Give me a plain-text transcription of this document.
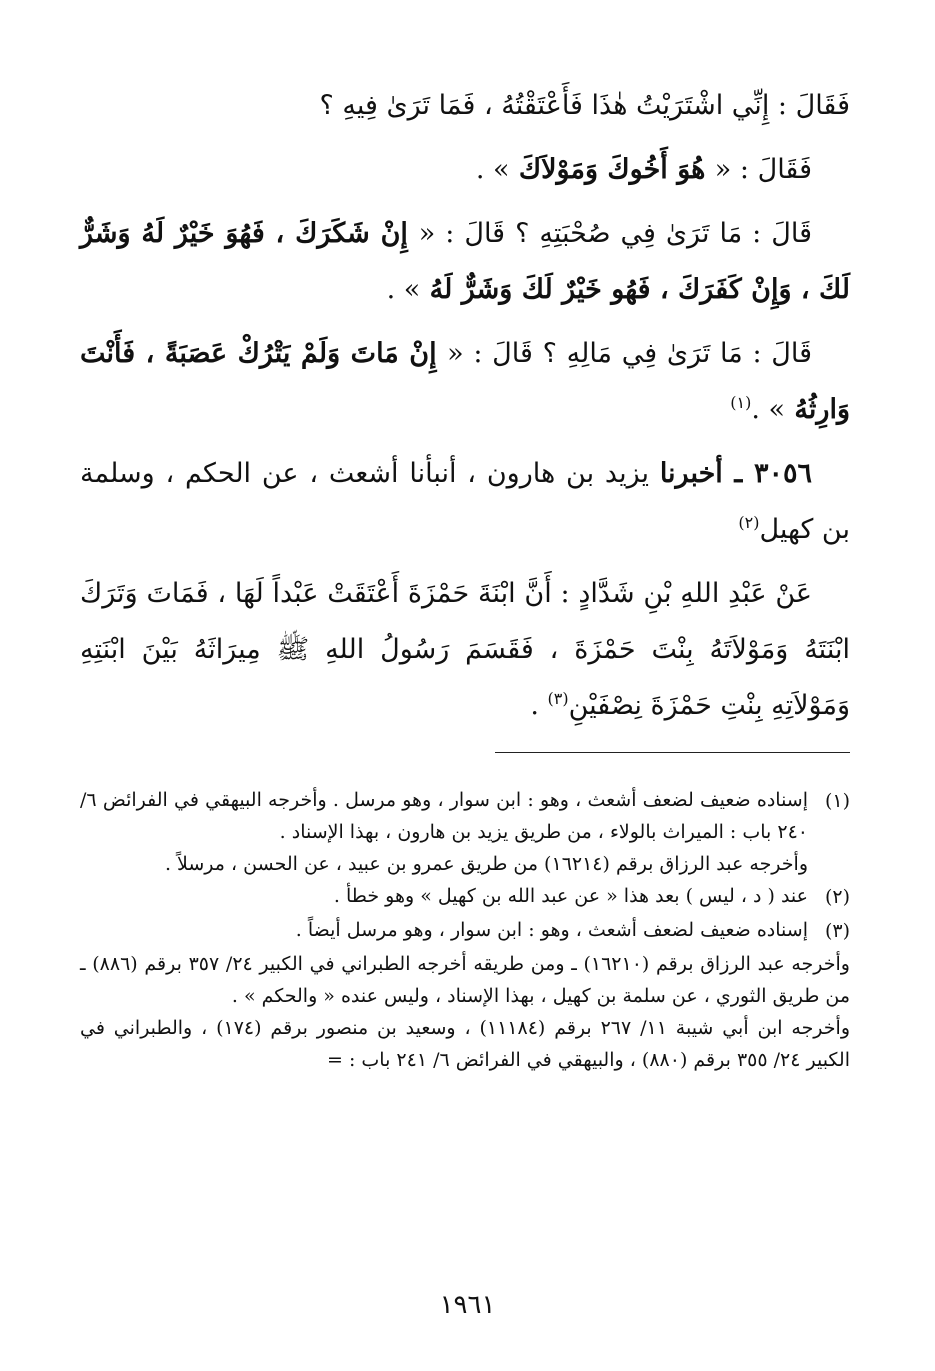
فَقَالَ : إِنِّي اشْتَرَيْتُ هٰذَا فَأَعْتَقْتُهُ ، فَمَا تَرَىٰ فِيهِ ؟

فَقَالَ : « هُوَ أَخُوكَ وَمَوْلاَكَ » .

قَالَ : مَا تَرَىٰ فِي صُحْبَتِهِ ؟ قَالَ : « إِنْ شَكَرَكَ ، فَهُوَ خَيْرٌ لَهُ وَشَرٌّ لَكَ ، وَإِنْ كَفَرَكَ ، فَهُو خَيْرٌ لَكَ وَشَرٌّ لَهُ » .

قَالَ : مَا تَرَىٰ فِي مَالِهِ ؟ قَالَ : « إِنْ مَاتَ وَلَمْ يَتْرُكْ عَصَبَةً ، فَأَنْتَ وَارِثُهُ » .$^{(١)}$

٣٠٥٦ ـ أخبرنا يزيد بن هارون ، أنبأنا أشعث ، عن الحكم ، وسلمة بن كهيل$^{(٢)}$

عَنْ عَبْدِ اللهِ بْنِ شَدَّادٍ : أَنَّ ابْنَةَ حَمْزَةَ أَعْتَقَتْ عَبْداً لَهَا ، فَمَاتَ وَتَرَكَ ابْنَتَهُ وَمَوْلاَتَهُ بِنْتَ حَمْزَةَ ، فَقَسَمَ رَسُولُ اللهِ ﷺ مِيرَاثَهُ بَيْنَ ابْنَتِهِ وَمَوْلاَتِهِ بِنْتِ حَمْزَةَ نِصْفَيْنِ$^{(٣)}$ .

(١)

إسناده ضعيف لضعف أشعث ، وهو : ابن سوار ، وهو مرسل . وأخرجه البيهقي في الفرائض ٦/ ٢٤٠ باب : الميراث بالولاء ، من طريق يزيد بن هارون ، بهذا الإسناد .

وأخرجه عبد الرزاق برقم (١٦٢١٤) من طريق عمرو بن عبيد ، عن الحسن ، مرسلاً .

(٢)

عند ( د ، ليس ) بعد هذا « عن عبد الله بن كهيل » وهو خطأ .

(٣)

إسناده ضعيف لضعف أشعث ، وهو : ابن سوار ، وهو مرسل أيضاً .

وأخرجه عبد الرزاق برقم (١٦٢١٠) ـ ومن طريقه أخرجه الطبراني في الكبير ٢٤/ ٣٥٧ برقم (٨٨٦) ـ من طريق الثوري ، عن سلمة بن كهيل ، بهذا الإسناد ، وليس عنده « والحكم » .

وأخرجه ابن أبي شيبة ١١/ ٢٦٧ برقم (١١١٨٤) ، وسعيد بن منصور برقم (١٧٤) ، والطبراني في الكبير ٢٤/ ٣٥٥ برقم (٨٨٠) ، والبيهقي في الفرائض ٦/ ٢٤١ باب : =

١٩٦١
